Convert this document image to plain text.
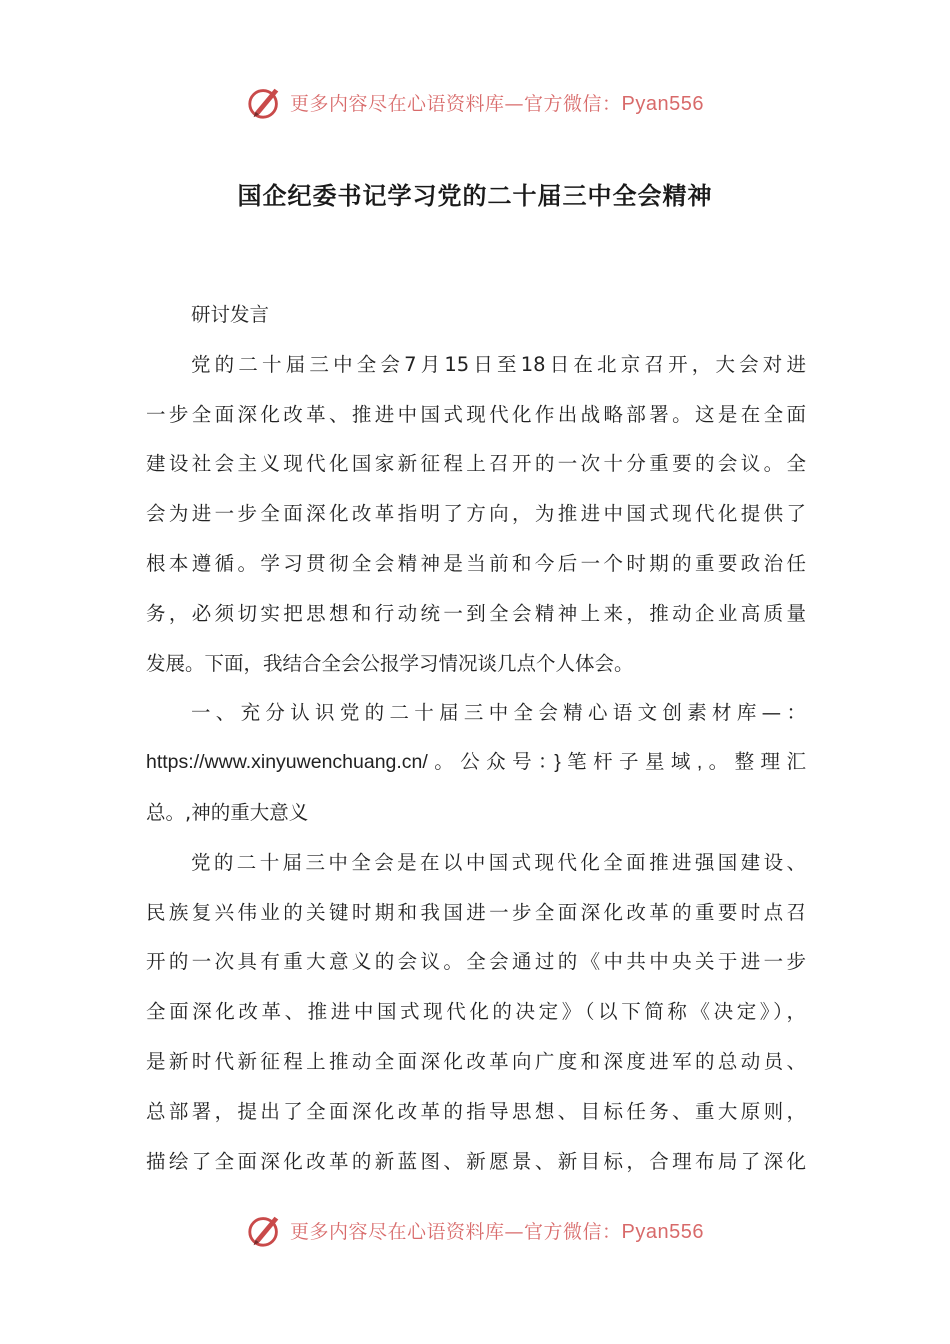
更多内容尽在心语资料库—官方微信：Pyan556
国企纪委书记学习党的二十届三中全会精神
研讨发言
党的二十届三中全会7月15日至18日在北京召开，大会对进
一步全面深化改革、推进中国式现代化作出战略部署。这是在全面
建设社会主义现代化国家新征程上召开的一次十分重要的会议。全
会为进一步全面深化改革指明了方向，为推进中国式现代化提供了
根本遵循。学习贯彻全会精神是当前和今后一个时期的重要政治任
务，必须切实把思想和行动统一到全会精神上来，推动企业高质量
发展。下面，我结合全会公报学习情况谈几点个人体会。
一、充分认识党的二十届三中全会精心语文创素材库—：
https://www.xinyuwenchuang.cn/。公众号：}笔杆子星域,。整理汇
总。,神的重大意义
党的二十届三中全会是在以中国式现代化全面推进强国建设、
民族复兴伟业的关键时期和我国进一步全面深化改革的重要时点召
开的一次具有重大意义的会议。全会通过的《中共中央关于进一步
全面深化改革、推进中国式现代化的决定》（以下简称《决定》），
是新时代新征程上推动全面深化改革向广度和深度进军的总动员、
总部署，提出了全面深化改革的指导思想、目标任务、重大原则，
描绘了全面深化改革的新蓝图、新愿景、新目标，合理布局了深化
更多内容尽在心语资料库—官方微信：Pyan556
